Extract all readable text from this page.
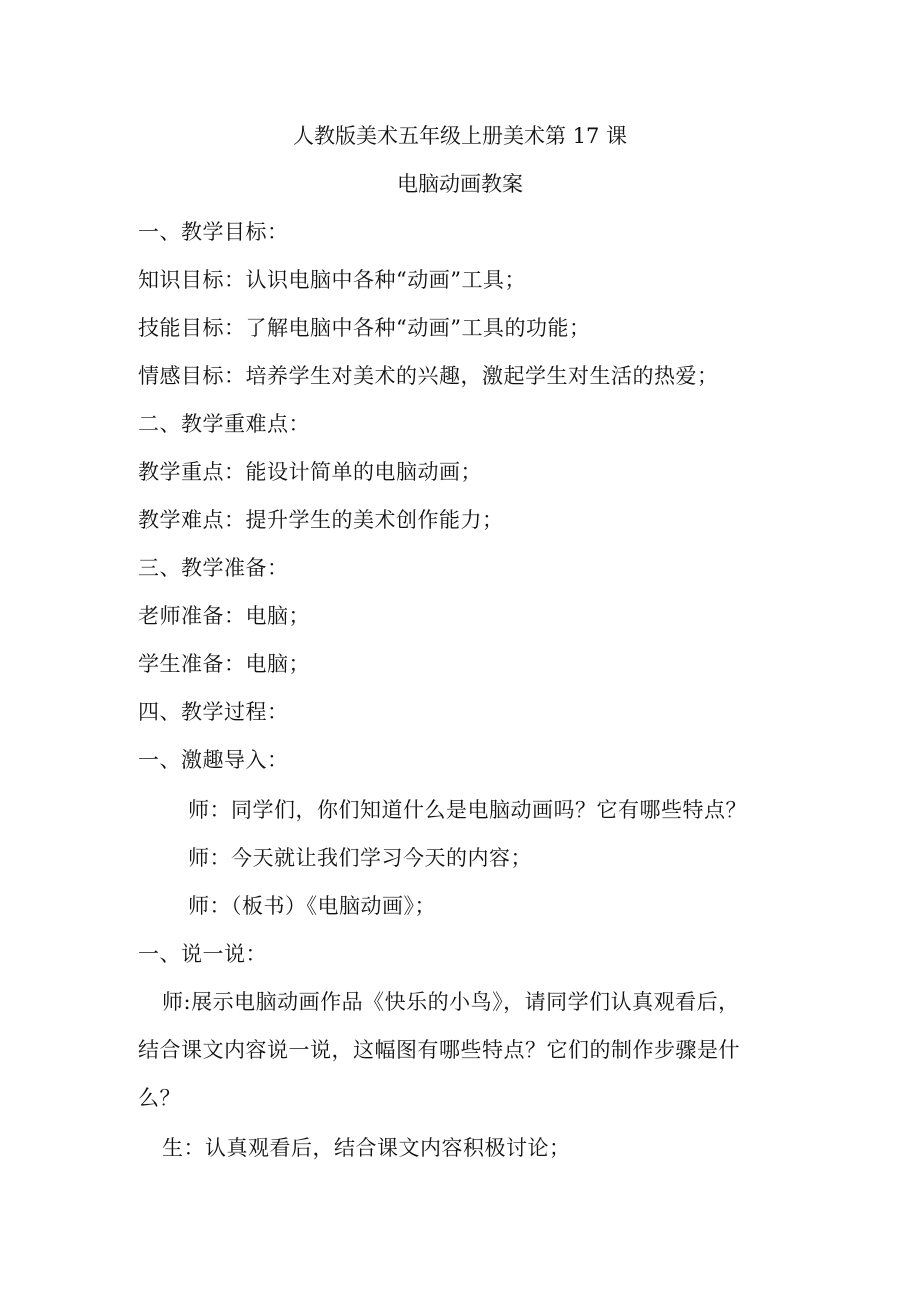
人教版美术五年级上册美术第 17 课
电脑动画教案
一、教学目标：
知识目标：认识电脑中各种“动画”工具；
技能目标：了解电脑中各种“动画”工具的功能；
情感目标：培养学生对美术的兴趣，激起学生对生活的热爱；
二、教学重难点：
教学重点：能设计简单的电脑动画；
教学难点：提升学生的美术创作能力；
三、教学准备：
老师准备：电脑；
学生准备：电脑；
四、教学过程：
一、激趣导入：
师：同学们，你们知道什么是电脑动画吗？它有哪些特点？
师：今天就让我们学习今天的内容；
师：（板书）《电脑动画》；
一、说一说：
师:展示电脑动画作品《快乐的小鸟》，请同学们认真观看后，
结合课文内容说一说，这幅图有哪些特点？它们的制作步骤是什
么？
生：认真观看后，结合课文内容积极讨论；
